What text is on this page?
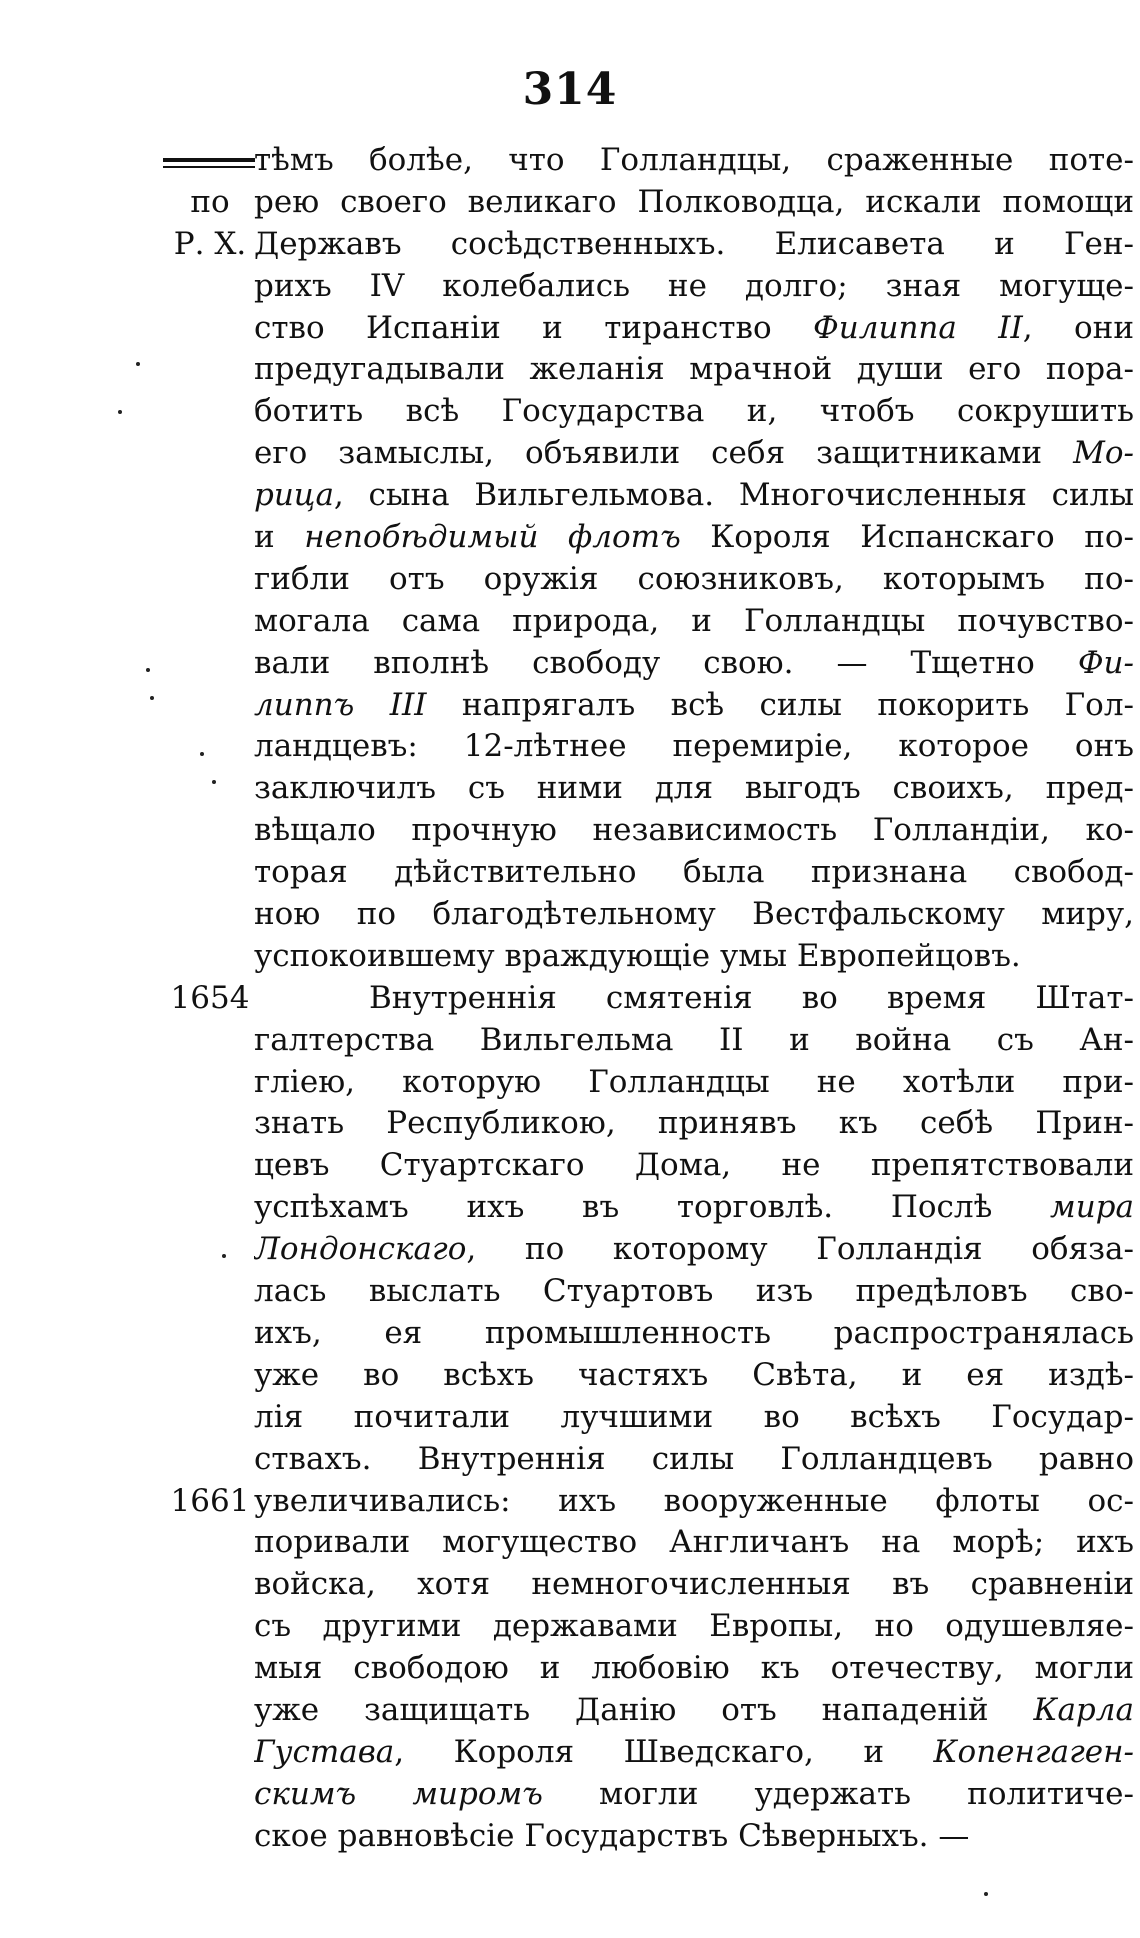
314
по
Р. Х.
1654
1661
тѣмъ болѣе, что Голландцы, сраженные поте-
рею своего великаго Полководца, искали помощи
Державъ сосѣдственныхъ. Елисавета и Ген-
рихъ IV колебались не долго; зная могуще-
ство Испаніи и тиранство Филиппа II, они
предугадывали желанія мрачной души его пора-
ботить всѣ Государства и, чтобъ сокрушить
его замыслы, объявили себя защитниками Мо-
рица, сына Вильгельмова. Многочисленныя силы
и непобѣдимый флотъ Короля Испанскаго по-
гибли отъ оружія союзниковъ, которымъ по-
могала сама природа, и Голландцы почувство-
вали вполнѣ свободу свою. — Тщетно Фи-
липпъ III напрягалъ всѣ силы покорить Гол-
ландцевъ: 12-лѣтнее перемиріе, которое онъ
заключилъ съ ними для выгодъ своихъ, пред-
вѣщало прочную независимость Голландіи, ко-
торая дѣйствительно была признана свобод-
ною по благодѣтельному Вестфальскому миру,
успокоившему враждующіе умы Европейцовъ.
Внутреннія смятенія во время Штат-
галтерства Вильгельма II и война съ Ан-
гліею, которую Голландцы не хотѣли при-
знать Республикою, принявъ къ себѣ Прин-
цевъ Стуартскаго Дома, не препятствовали
успѣхамъ ихъ въ торговлѣ. Послѣ мира
Лондонскаго, по которому Голландія обяза-
лась выслать Стуартовъ изъ предѣловъ сво-
ихъ, ея промышленность распространялась
уже во всѣхъ частяхъ Свѣта, и ея издѣ-
лія почитали лучшими во всѣхъ Государ-
ствахъ. Внутреннія силы Голландцевъ равно
увеличивались: ихъ вооруженные флоты ос-
поривали могущество Англичанъ на морѣ; ихъ
войска, хотя немногочисленныя въ сравненіи
съ другими державами Европы, но одушевляе-
мыя свободою и любовію къ отечеству, могли
уже защищать Данію отъ нападеній Карла
Густава, Короля Шведскаго, и Копенгаген-
скимъ миромъ могли удержать политиче-
ское равновѣсіе Государствъ Сѣверныхъ. —
